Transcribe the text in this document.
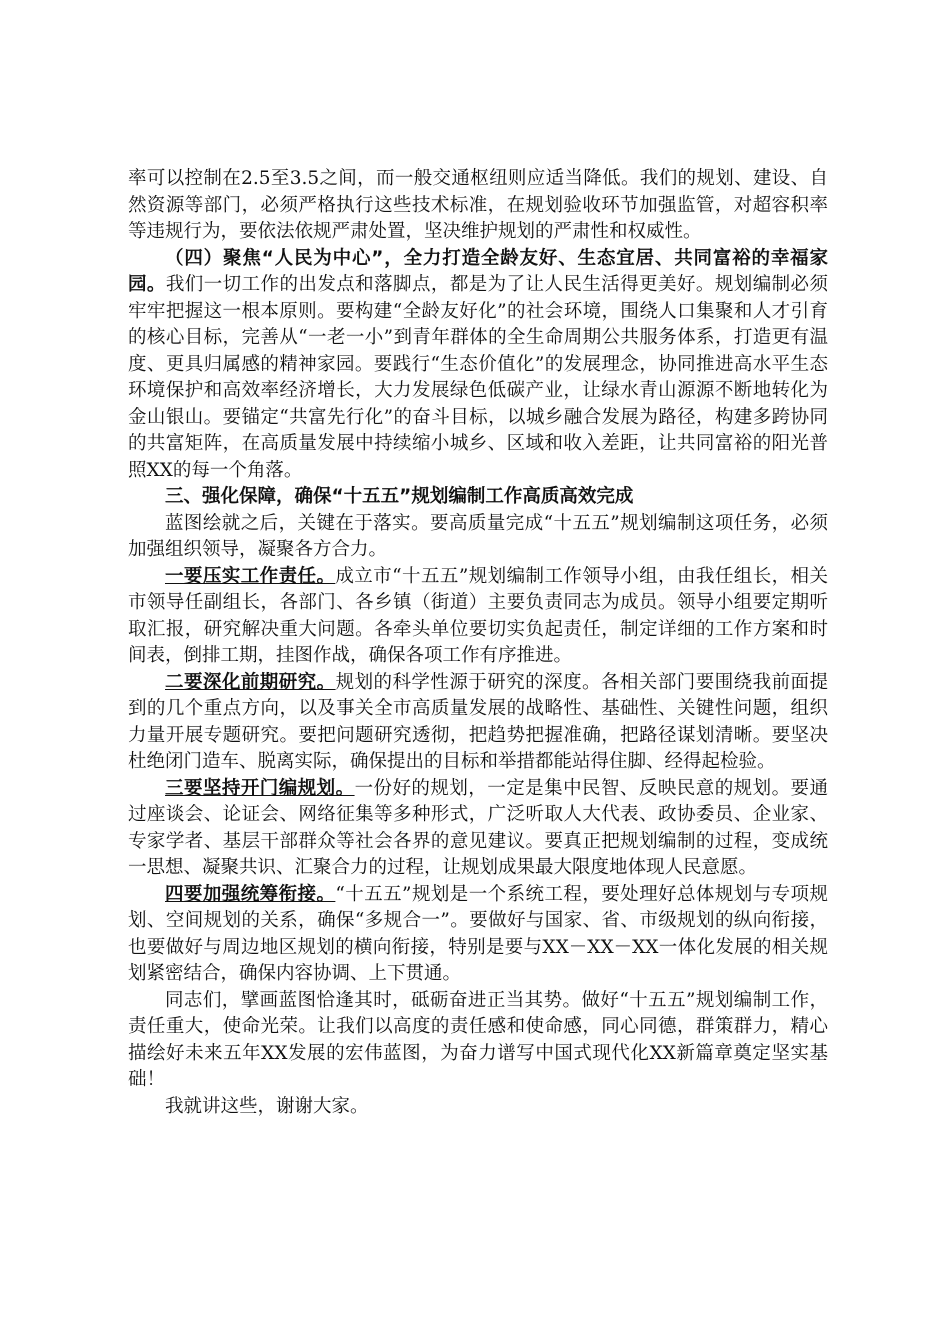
率可以控制在2.5至3.5之间，而一般交通枢纽则应适当降低。我们的规划、建设、自然资源等部门，必须严格执行这些技术标准，在规划验收环节加强监管，对超容积率等违规行为，要依法依规严肃处置，坚决维护规划的严肃性和权威性。

（四）聚焦“人民为中心”，全力打造全龄友好、生态宜居、共同富裕的幸福家园。我们一切工作的出发点和落脚点，都是为了让人民生活得更美好。规划编制必须牢牢把握这一根本原则。要构建“全龄友好化”的社会环境，围绕人口集聚和人才引育的核心目标，完善从“一老一小”到青年群体的全生命周期公共服务体系，打造更有温度、更具归属感的精神家园。要践行“生态价值化”的发展理念，协同推进高水平生态环境保护和高效率经济增长，大力发展绿色低碳产业，让绿水青山源源不断地转化为金山银山。要锚定“共富先行化”的奋斗目标，以城乡融合发展为路径，构建多跨协同的共富矩阵，在高质量发展中持续缩小城乡、区域和收入差距，让共同富裕的阳光普照XX的每一个角落。

三、强化保障，确保“十五五”规划编制工作高质高效完成

蓝图绘就之后，关键在于落实。要高质量完成“十五五”规划编制这项任务，必须加强组织领导，凝聚各方合力。

一要压实工作责任。成立市“十五五”规划编制工作领导小组，由我任组长，相关市领导任副组长，各部门、各乡镇（街道）主要负责同志为成员。领导小组要定期听取汇报，研究解决重大问题。各牵头单位要切实负起责任，制定详细的工作方案和时间表，倒排工期，挂图作战，确保各项工作有序推进。

二要深化前期研究。规划的科学性源于研究的深度。各相关部门要围绕我前面提到的几个重点方向，以及事关全市高质量发展的战略性、基础性、关键性问题，组织力量开展专题研究。要把问题研究透彻，把趋势把握准确，把路径谋划清晰。要坚决杜绝闭门造车、脱离实际，确保提出的目标和举措都能站得住脚、经得起检验。

三要坚持开门编规划。一份好的规划，一定是集中民智、反映民意的规划。要通过座谈会、论证会、网络征集等多种形式，广泛听取人大代表、政协委员、企业家、专家学者、基层干部群众等社会各界的意见建议。要真正把规划编制的过程，变成统一思想、凝聚共识、汇聚合力的过程，让规划成果最大限度地体现人民意愿。

四要加强统筹衔接。“十五五”规划是一个系统工程，要处理好总体规划与专项规划、空间规划的关系，确保“多规合一”。要做好与国家、省、市级规划的纵向衔接，也要做好与周边地区规划的横向衔接，特别是要与XX－XX－XX一体化发展的相关规划紧密结合，确保内容协调、上下贯通。

同志们，擘画蓝图恰逢其时，砥砺奋进正当其势。做好“十五五”规划编制工作，责任重大，使命光荣。让我们以高度的责任感和使命感，同心同德，群策群力，精心描绘好未来五年XX发展的宏伟蓝图，为奋力谱写中国式现代化XX新篇章奠定坚实基础！

我就讲这些，谢谢大家。
